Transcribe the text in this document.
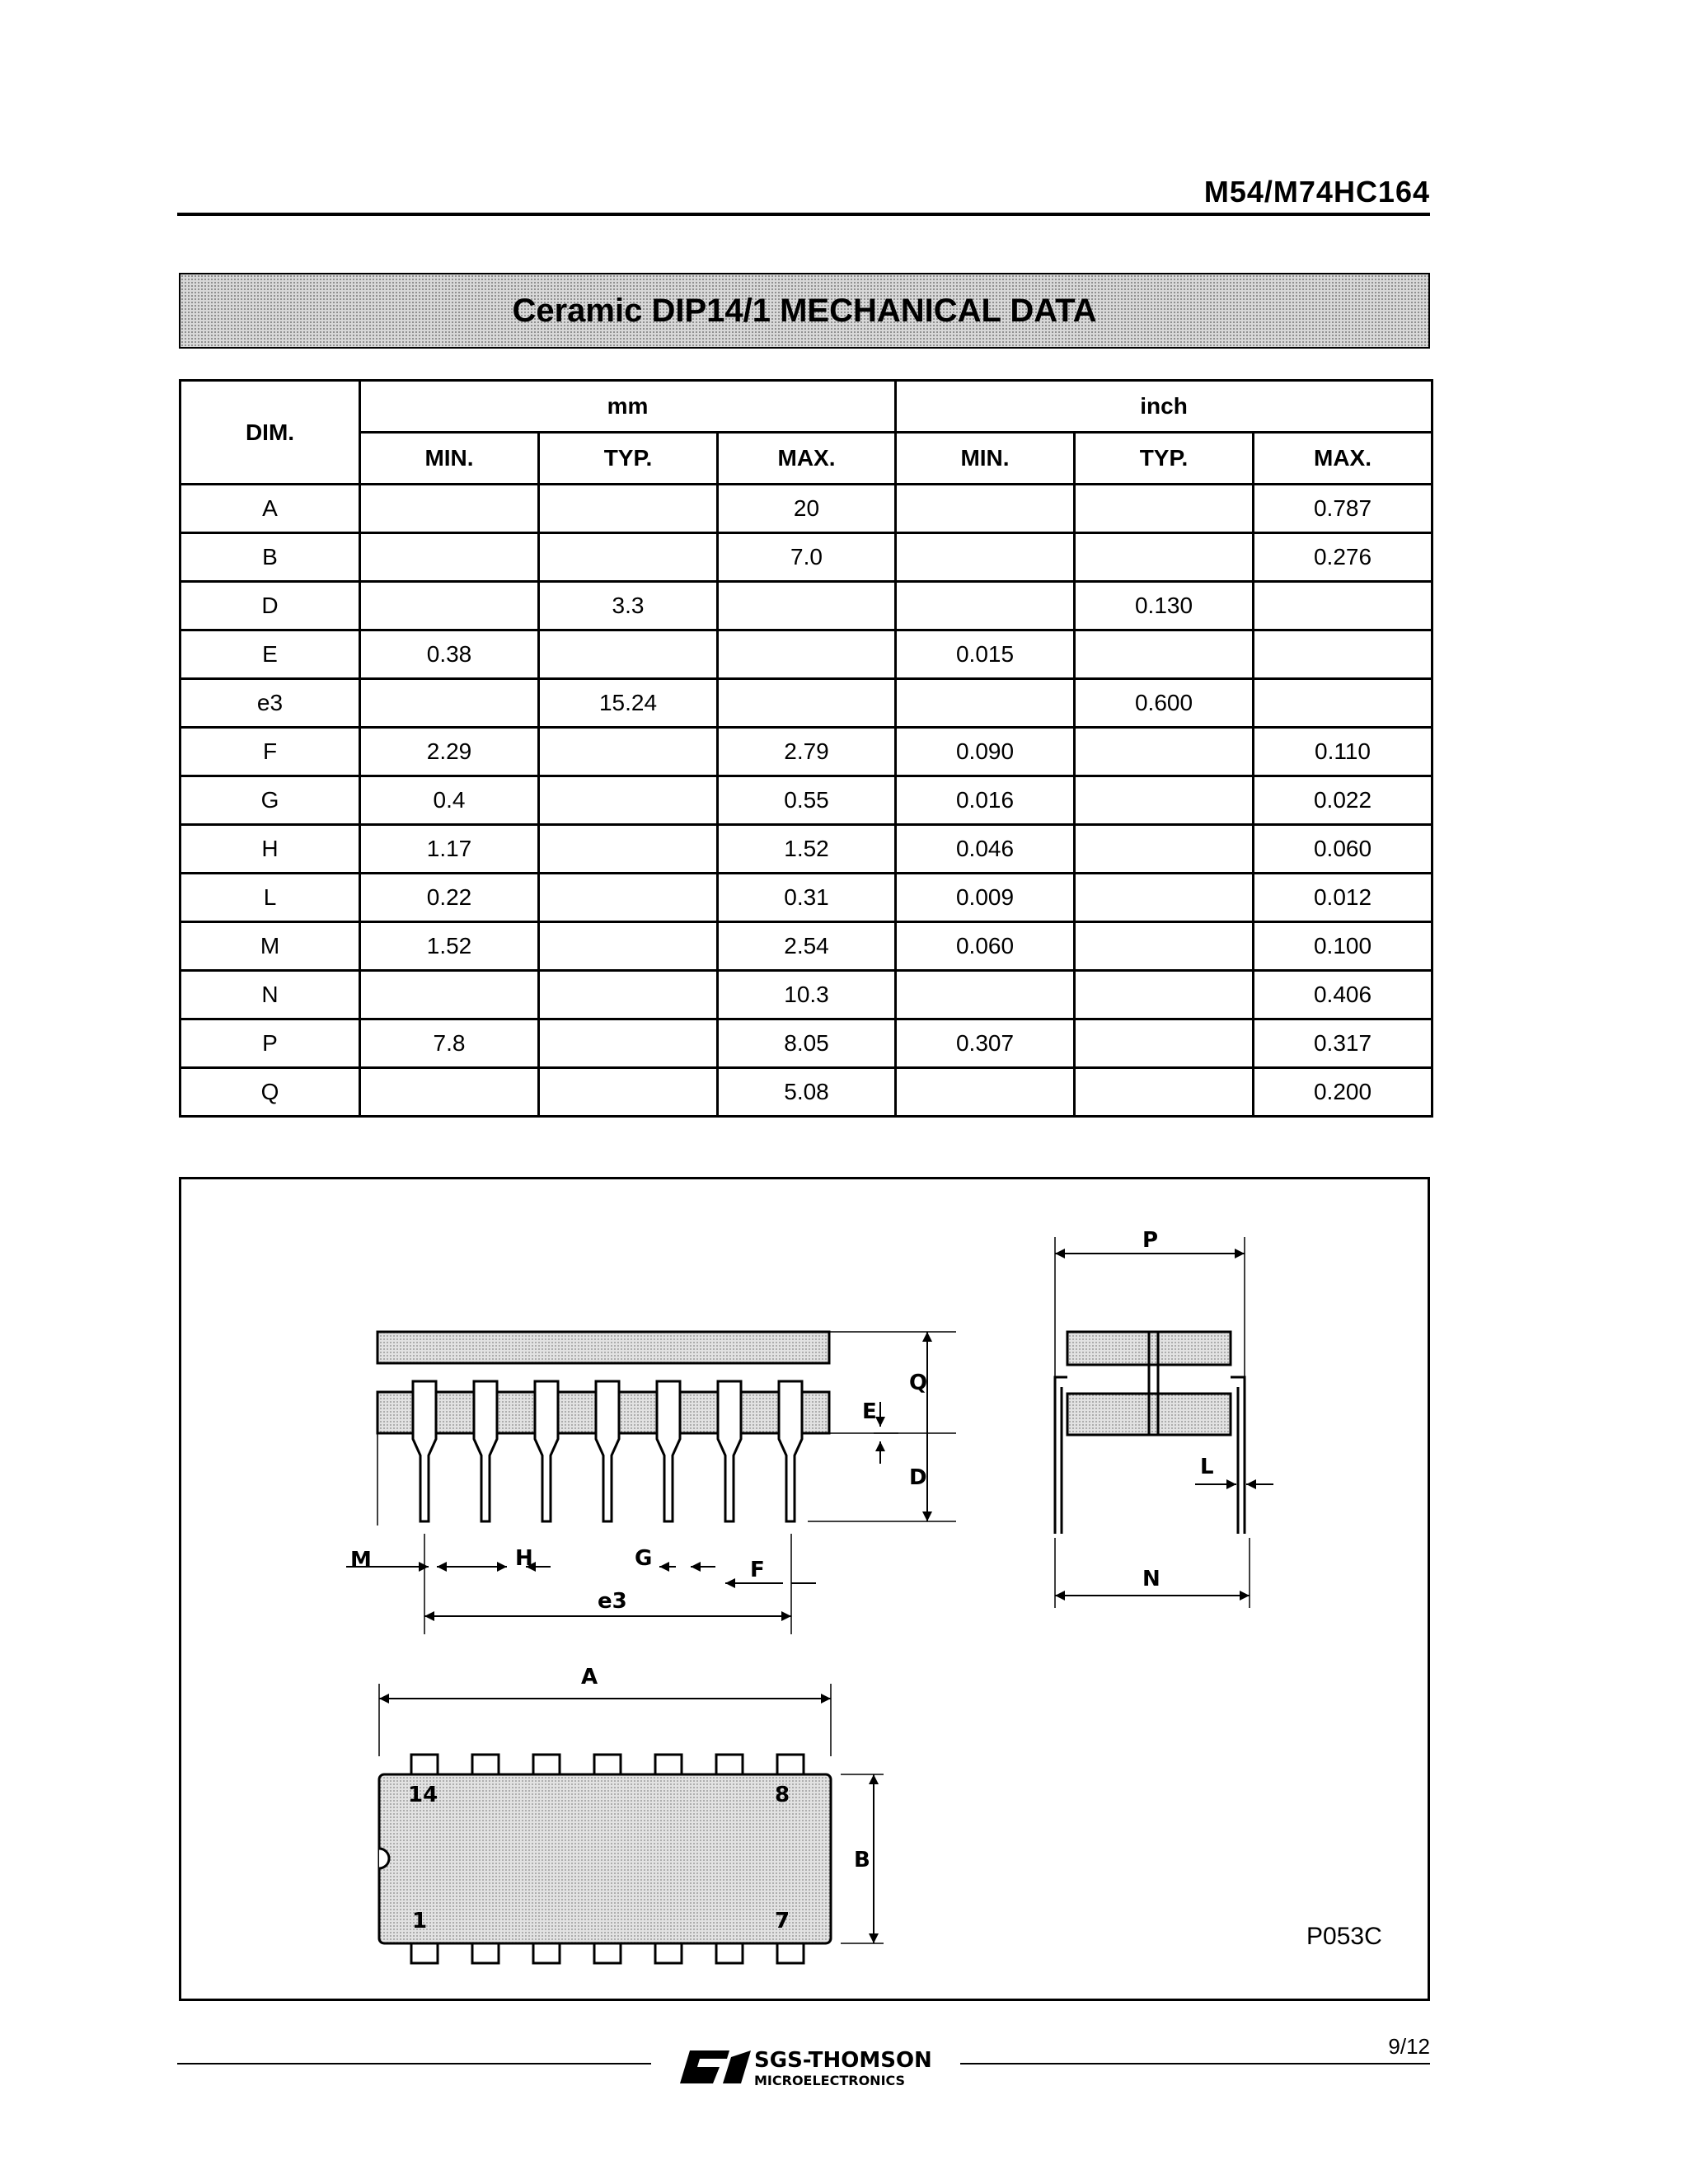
M54/M74HC164
Ceramic DIP14/1 MECHANICAL DATA
DIM.	mm			inch		
	MIN.	TYP.	MAX.	MIN.	TYP.	MAX.
A			20			0.787
B			7.0			0.276
D		3.3			0.130	
E	0.38			0.015		
e3		15.24			0.600	
F	2.29		2.79	0.090		0.110
G	0.4		0.55	0.016		0.022
H	1.17		1.52	0.046		0.060
L	0.22		0.31	0.009		0.012
M	1.52		2.54	0.060		0.100
N			10.3			0.406
P	7.8		8.05	0.307		0.317
Q			5.08			0.200
M	H	G	F
e3
E
Q
D
P
L
N
A
B
14	8
1	7
P053C
SGS-THOMSON
MICROELECTRONICS
9/12
